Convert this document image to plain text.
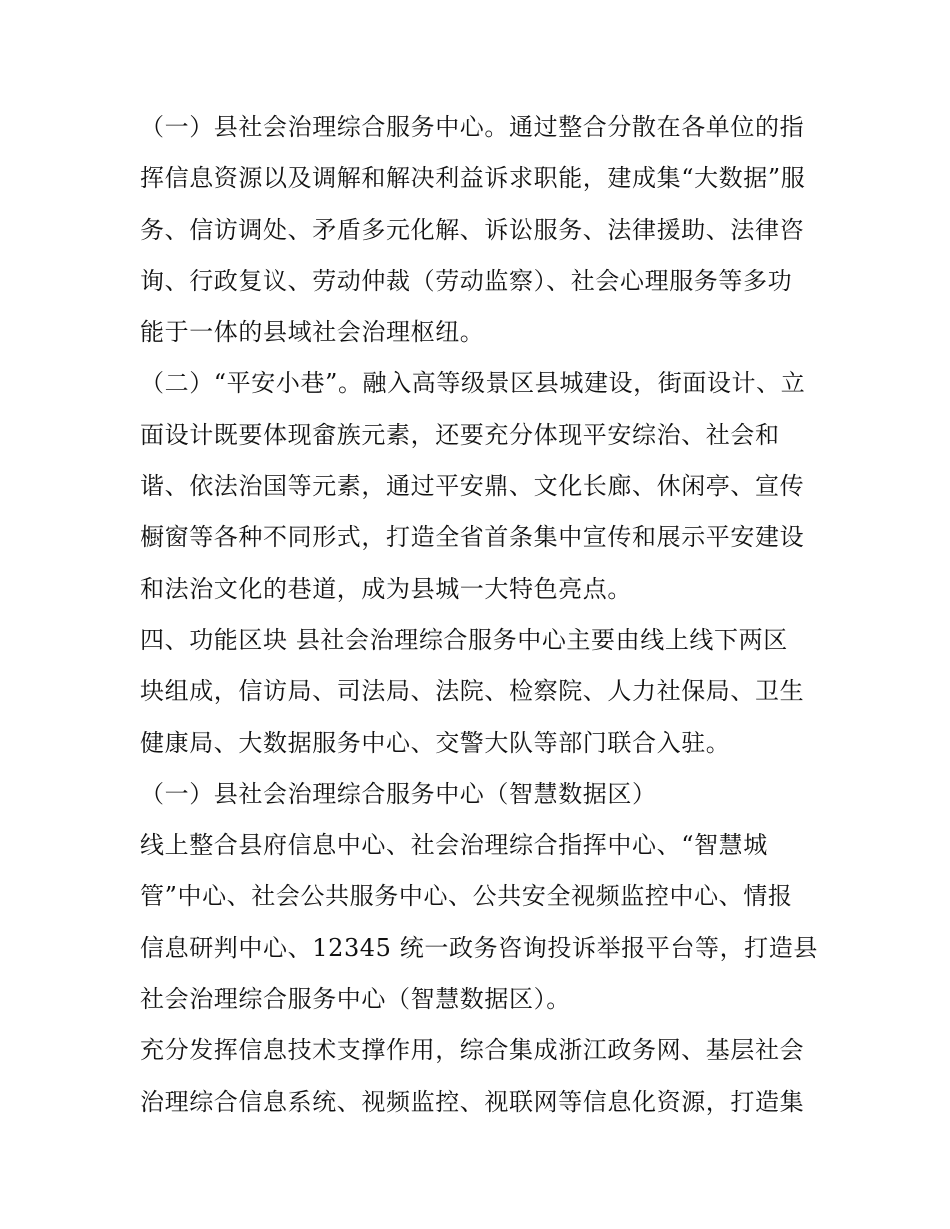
（一）县社会治理综合服务中心。通过整合分散在各单位的指
挥信息资源以及调解和解决利益诉求职能，建成集“大数据”服
务、信访调处、矛盾多元化解、诉讼服务、法律援助、法律咨
询、行政复议、劳动仲裁（劳动监察）、社会心理服务等多功
能于一体的县域社会治理枢纽。
（二）“平安小巷”。融入高等级景区县城建设，街面设计、立
面设计既要体现畲族元素，还要充分体现平安综治、社会和
谐、依法治国等元素，通过平安鼎、文化长廊、休闲亭、宣传
橱窗等各种不同形式，打造全省首条集中宣传和展示平安建设
和法治文化的巷道，成为县城一大特色亮点。
四、功能区块 县社会治理综合服务中心主要由线上线下两区
块组成，信访局、司法局、法院、检察院、人力社保局、卫生
健康局、大数据服务中心、交警大队等部门联合入驻。
（一）县社会治理综合服务中心（智慧数据区）
线上整合县府信息中心、社会治理综合指挥中心、“智慧城
管”中心、社会公共服务中心、公共安全视频监控中心、情报
信息研判中心、12345 统一政务咨询投诉举报平台等，打造县
社会治理综合服务中心（智慧数据区）。
充分发挥信息技术支撑作用，综合集成浙江政务网、基层社会
治理综合信息系统、视频监控、视联网等信息化资源，打造集
